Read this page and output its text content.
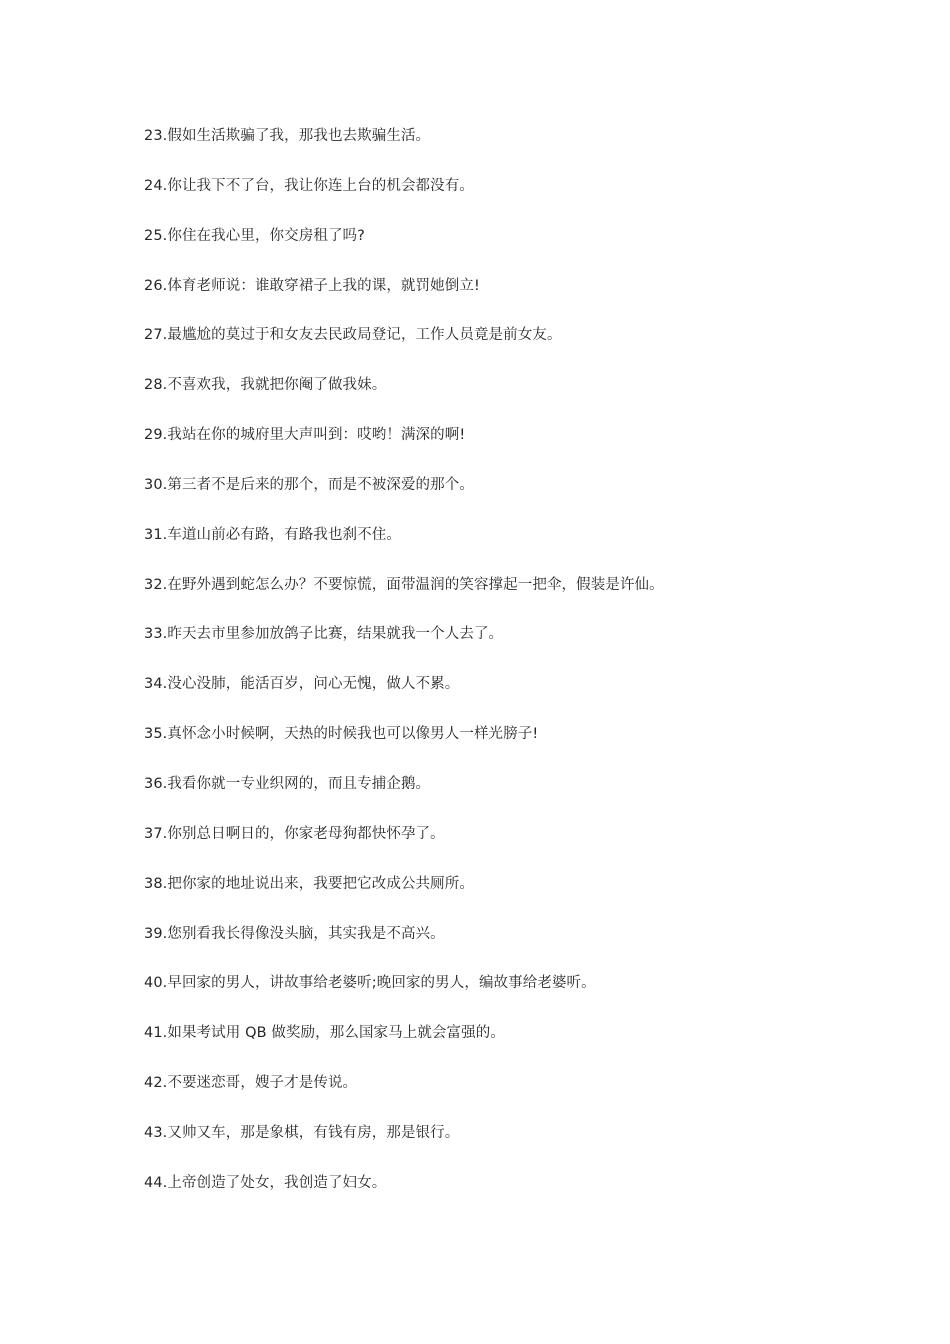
23.假如生活欺骗了我，那我也去欺骗生活。
24.你让我下不了台，我让你连上台的机会都没有。
25.你住在我心里，你交房租了吗?
26.体育老师说：谁敢穿裙子上我的课，就罚她倒立!
27.最尴尬的莫过于和女友去民政局登记，工作人员竟是前女友。
28.不喜欢我，我就把你阉了做我妹。
29.我站在你的城府里大声叫到：哎哟！满深的啊!
30.第三者不是后来的那个，而是不被深爱的那个。
31.车道山前必有路，有路我也刹不住。
32.在野外遇到蛇怎么办？不要惊慌，面带温润的笑容撑起一把伞，假装是许仙。
33.昨天去市里参加放鸽子比赛，结果就我一个人去了。
34.没心没肺，能活百岁，问心无愧，做人不累。
35.真怀念小时候啊，天热的时候我也可以像男人一样光膀子!
36.我看你就一专业织网的，而且专捕企鹅。
37.你别总日啊日的，你家老母狗都快怀孕了。
38.把你家的地址说出来，我要把它改成公共厕所。
39.您别看我长得像没头脑，其实我是不高兴。
40.早回家的男人，讲故事给老婆听;晚回家的男人，编故事给老婆听。
41.如果考试用 QB 做奖励，那么国家马上就会富强的。
42.不要迷恋哥，嫂子才是传说。
43.又帅又车，那是象棋，有钱有房，那是银行。
44.上帝创造了处女，我创造了妇女。
